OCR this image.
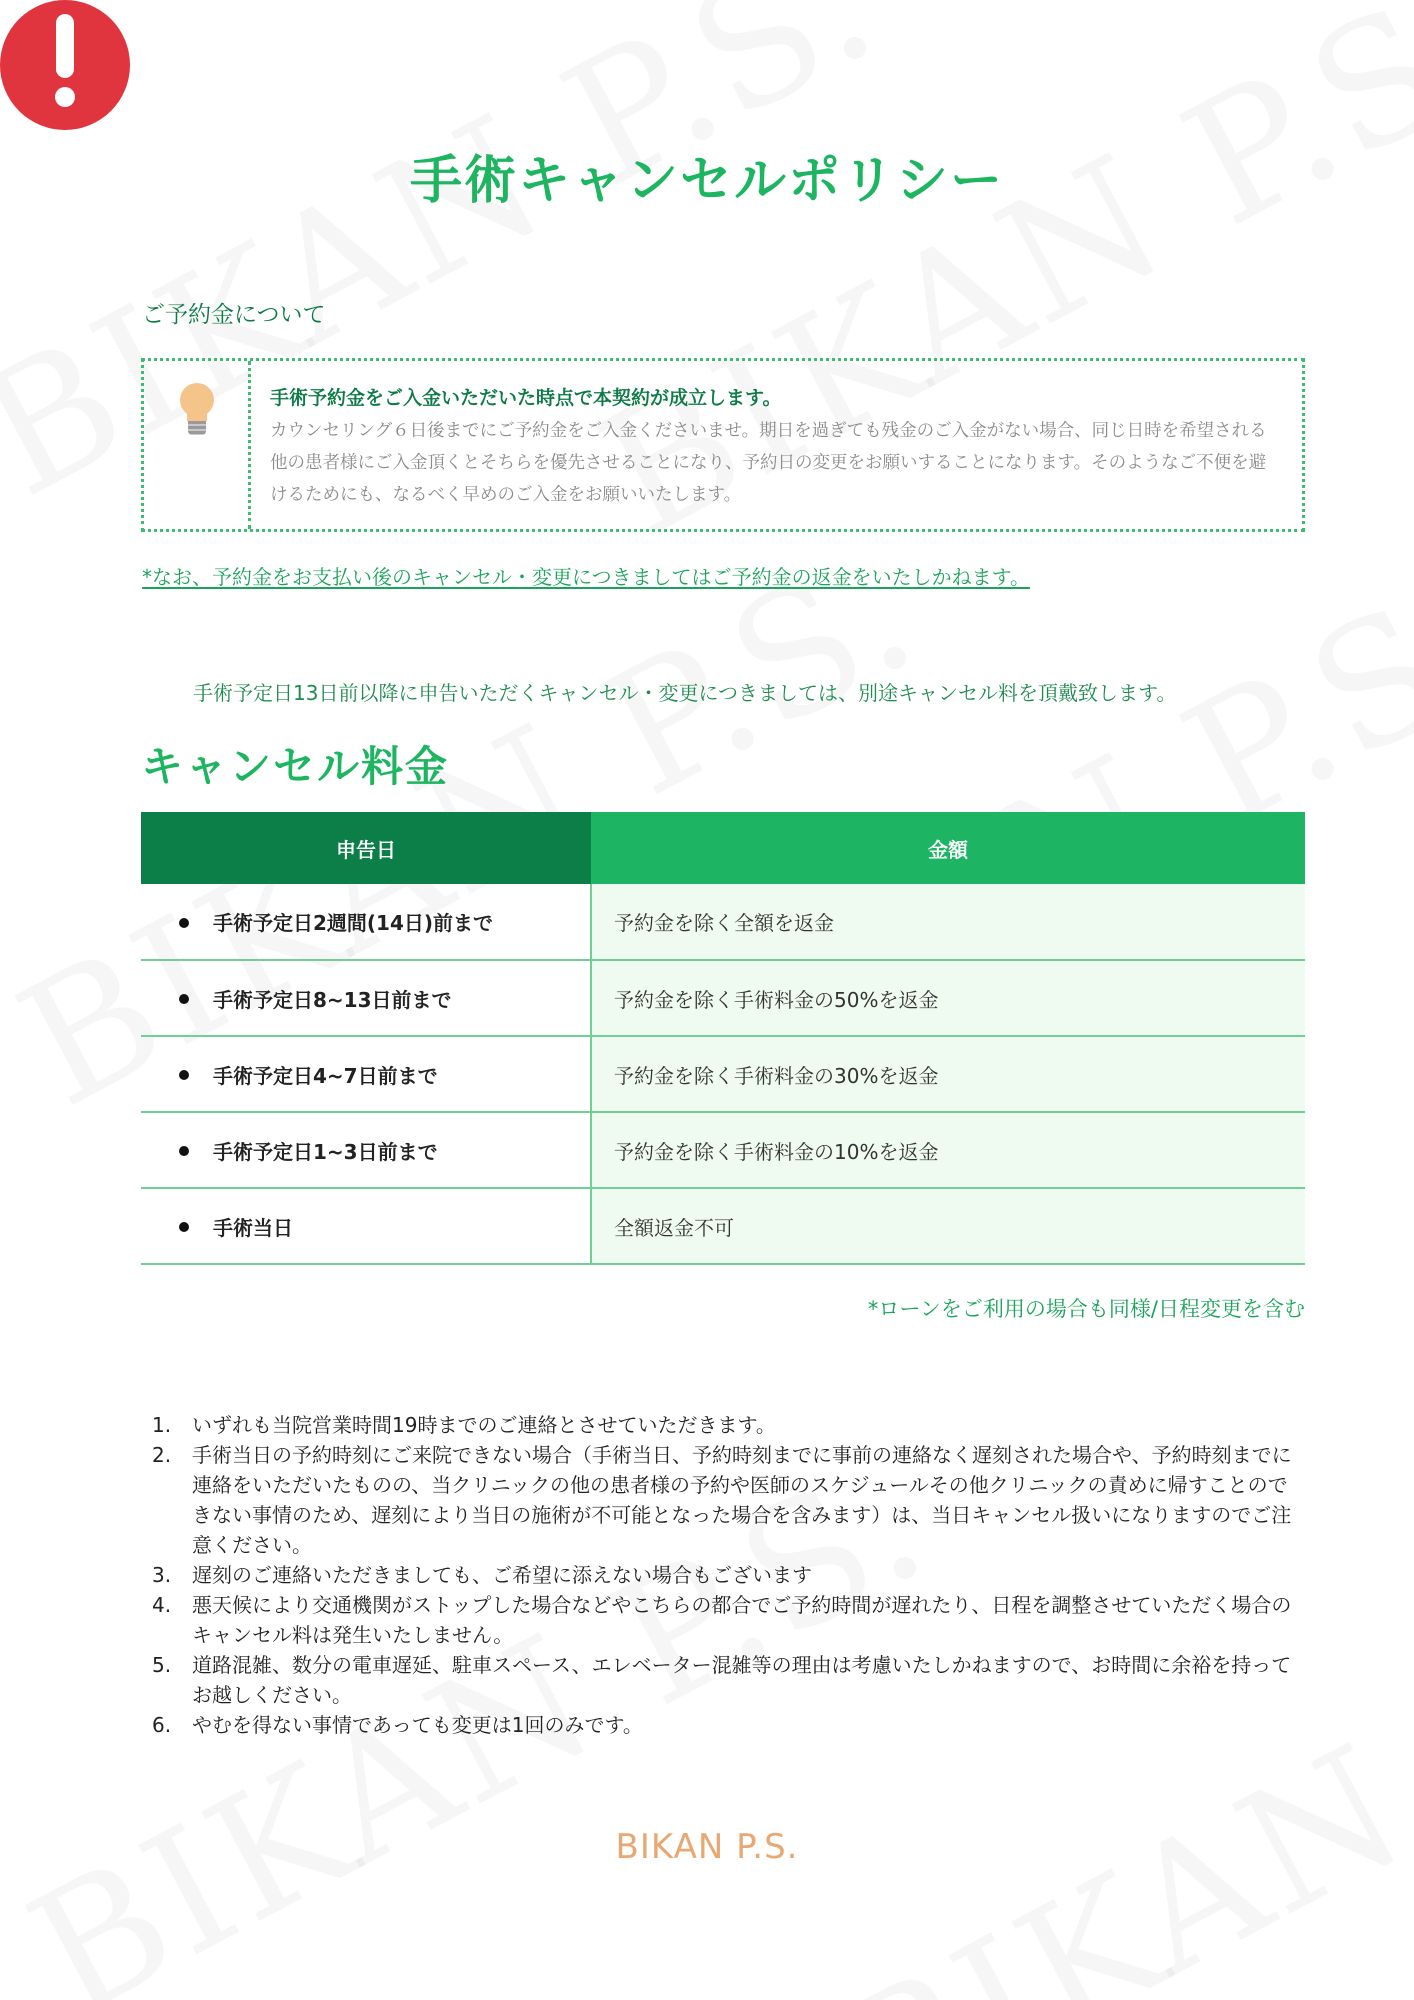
手術キャンセルポリシー
ご予約金について
手術予約金をご入金いただいた時点で本契約が成立します。
カウンセリング６日後までにご予約金をご入金くださいませ。期日を過ぎても残金のご入金がない場合、同じ日時を希望される他の患者様にご入金頂くとそちらを優先させることになり、予約日の変更をお願いすることになります。そのようなご不便を避けるためにも、なるべく早めのご入金をお願いいたします。
*なお、予約金をお支払い後のキャンセル・変更につきましてはご予約金の返金をいたしかねます。
手術予定日13日前以降に申告いただくキャンセル・変更につきましては、別途キャンセル料を頂戴致します。
キャンセル料金
申告日	金額
手術予定日2週間(14日)前まで	予約金を除く全額を返金
手術予定日8~13日前まで	予約金を除く手術料金の50%を返金
手術予定日4~7日前まで	予約金を除く手術料金の30%を返金
手術予定日1~3日前まで	予約金を除く手術料金の10%を返金
手術当日	全額返金不可
*ローンをご利用の場合も同様/日程変更を含む
1. いずれも当院営業時間19時までのご連絡とさせていただきます。
2. 手術当日の予約時刻にご来院できない場合（手術当日、予約時刻までに事前の連絡なく遅刻された場合や、予約時刻までに連絡をいただいたものの、当クリニックの他の患者様の予約や医師のスケジュールその他クリニックの責めに帰すことのできない事情のため、遅刻により当日の施術が不可能となった場合を含みます）は、当日キャンセル扱いになりますのでご注意ください。
3. 遅刻のご連絡いただきましても、ご希望に添えない場合もございます
4. 悪天候により交通機関がストップした場合などやこちらの都合でご予約時間が遅れたり、日程を調整させていただく場合のキャンセル料は発生いたしません。
5. 道路混雑、数分の電車遅延、駐車スペース、エレベーター混雑等の理由は考慮いたしかねますので、お時間に余裕を持ってお越しください。
6. やむを得ない事情であっても変更は1回のみです。
BIKAN P.S.
